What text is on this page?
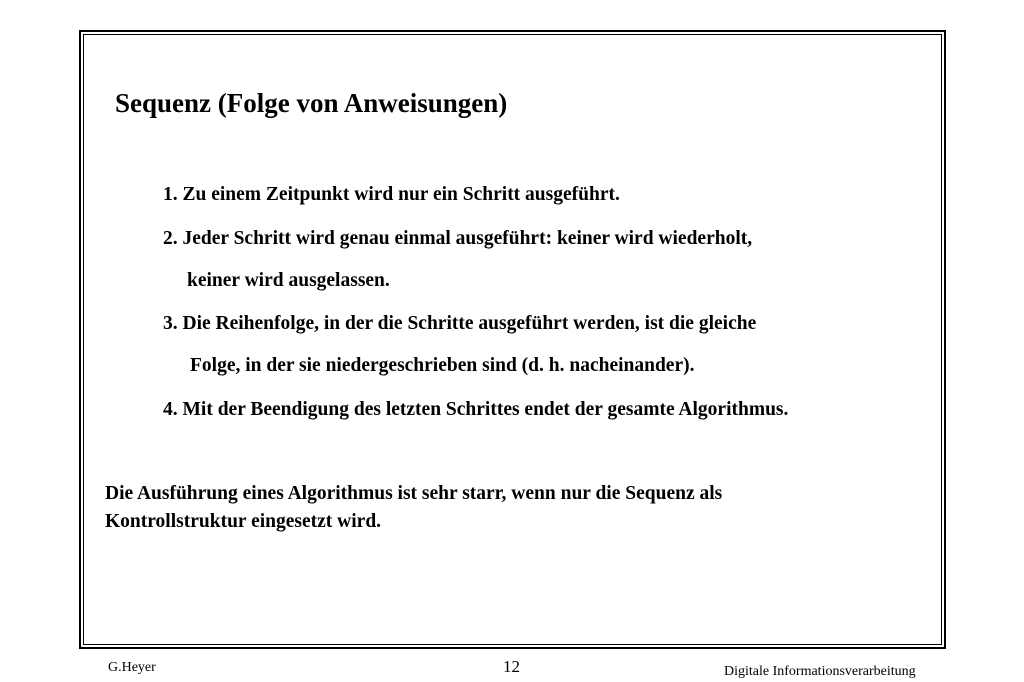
Sequenz (Folge von Anweisungen)
1. Zu einem Zeitpunkt wird nur ein Schritt ausgeführt.
2. Jeder Schritt wird genau einmal ausgeführt: keiner wird wiederholt,
keiner wird ausgelassen.
3. Die Reihenfolge, in der die Schritte ausgeführt werden, ist die gleiche
Folge, in der sie niedergeschrieben sind (d. h. nacheinander).
4. Mit der Beendigung des letzten Schrittes endet der gesamte Algorithmus.
Die Ausführung eines Algorithmus ist sehr starr, wenn nur die Sequenz als
Kontrollstruktur eingesetzt wird.
G.Heyer	12	Digitale Informationsverarbeitung
